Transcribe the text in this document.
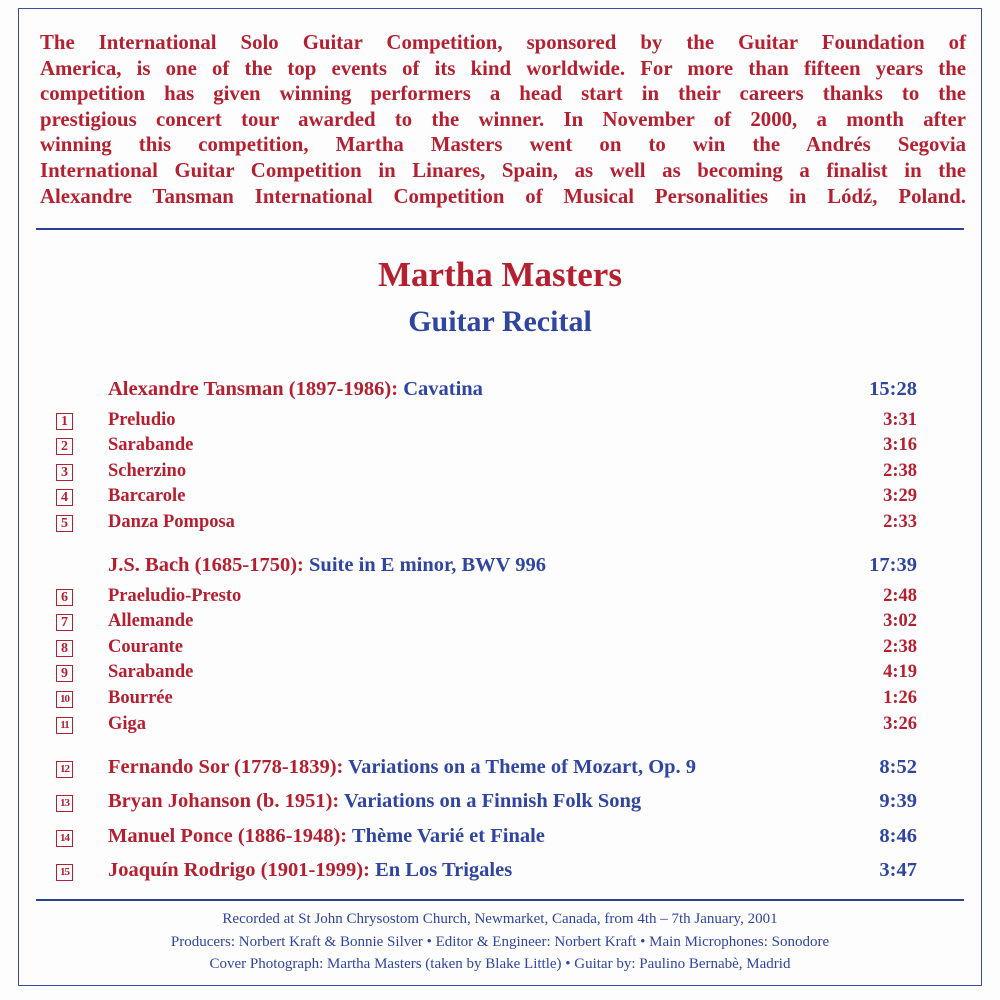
The International Solo Guitar Competition, sponsored by the Guitar Foundation of
America, is one of the top events of its kind worldwide. For more than fifteen years the
competition has given winning performers a head start in their careers thanks to the
prestigious concert tour awarded to the winner. In November of 2000, a month after
winning this competition, Martha Masters went on to win the Andrés Segovia
International Guitar Competition in Linares, Spain, as well as becoming a finalist in the
Alexandre Tansman International Competition of Musical Personalities in Lódź, Poland.
Martha Masters
Guitar Recital
Alexandre Tansman (1897-1986): Cavatina	15:28
1 Preludio	3:31
2 Sarabande	3:16
3 Scherzino	2:38
4 Barcarole	3:29
5 Danza Pomposa	2:33
J.S. Bach (1685-1750): Suite in E minor, BWV 996	17:39
6 Praeludio-Presto	2:48
7 Allemande	3:02
8 Courante	2:38
9 Sarabande	4:19
10 Bourrée	1:26
11 Giga	3:26
12 Fernando Sor (1778-1839): Variations on a Theme of Mozart, Op. 9	8:52
13 Bryan Johanson (b. 1951): Variations on a Finnish Folk Song	9:39
14 Manuel Ponce (1886-1948): Thème Varié et Finale	8:46
15 Joaquín Rodrigo (1901-1999): En Los Trigales	3:47
Recorded at St John Chrysostom Church, Newmarket, Canada, from 4th – 7th January, 2001
Producers: Norbert Kraft & Bonnie Silver • Editor & Engineer: Norbert Kraft • Main Microphones: Sonodore
Cover Photograph: Martha Masters (taken by Blake Little) • Guitar by: Paulino Bernabè, Madrid
